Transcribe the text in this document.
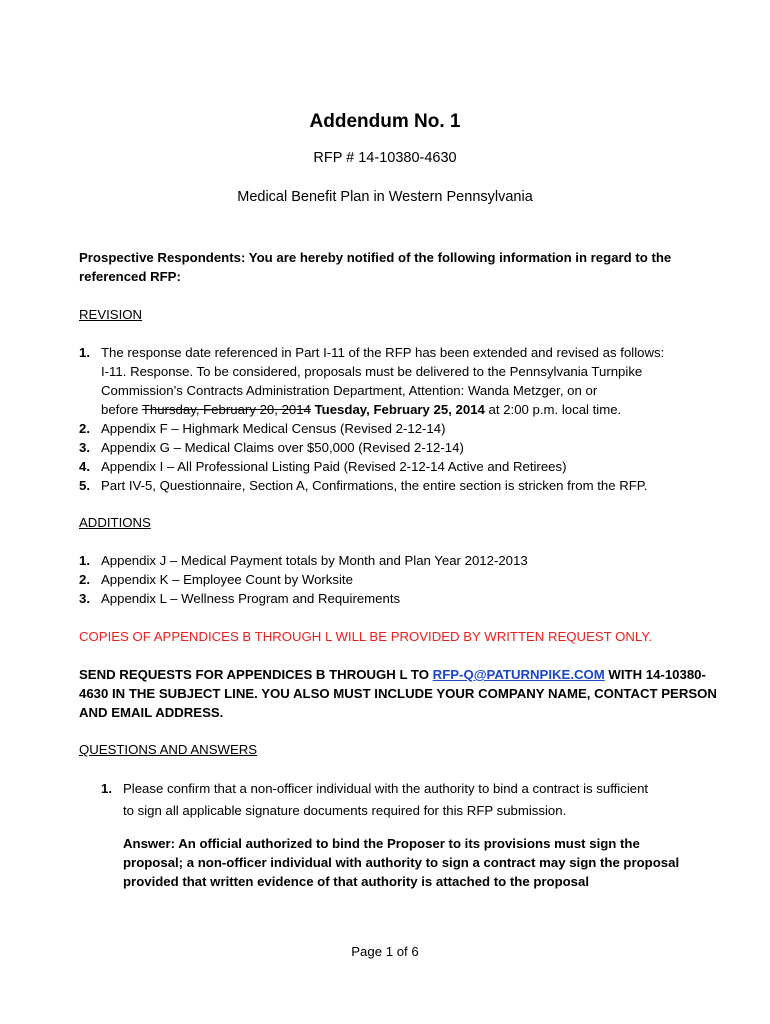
Addendum No. 1
RFP # 14-10380-4630
Medical Benefit Plan in Western Pennsylvania
Prospective Respondents: You are hereby notified of the following information in regard to the
referenced RFP:
REVISION
1. The response date referenced in Part I-11 of the RFP has been extended and revised as follows:
I-11. Response. To be considered, proposals must be delivered to the Pennsylvania Turnpike
Commission’s Contracts Administration Department, Attention: Wanda Metzger, on or
before Thursday, February 20, 2014 Tuesday, February 25, 2014 at 2:00 p.m. local time.
2. Appendix F – Highmark Medical Census (Revised 2-12-14)
3. Appendix G – Medical Claims over $50,000 (Revised 2-12-14)
4. Appendix I – All Professional Listing Paid (Revised 2-12-14 Active and Retirees)
5. Part IV-5, Questionnaire, Section A, Confirmations, the entire section is stricken from the RFP.
ADDITIONS
1. Appendix J – Medical Payment totals by Month and Plan Year 2012-2013
2. Appendix K – Employee Count by Worksite
3. Appendix L – Wellness Program and Requirements
COPIES OF APPENDICES B THROUGH L WILL BE PROVIDED BY WRITTEN REQUEST ONLY.
SEND REQUESTS FOR APPENDICES B THROUGH L TO RFP-Q@PATURNPIKE.COM WITH 14-10380-
4630 IN THE SUBJECT LINE. YOU ALSO MUST INCLUDE YOUR COMPANY NAME, CONTACT PERSON
AND EMAIL ADDRESS.
QUESTIONS AND ANSWERS
1. Please confirm that a non-officer individual with the authority to bind a contract is sufficient
to sign all applicable signature documents required for this RFP submission.
Answer: An official authorized to bind the Proposer to its provisions must sign the
proposal; a non-officer individual with authority to sign a contract may sign the proposal
provided that written evidence of that authority is attached to the proposal
Page 1 of 6
